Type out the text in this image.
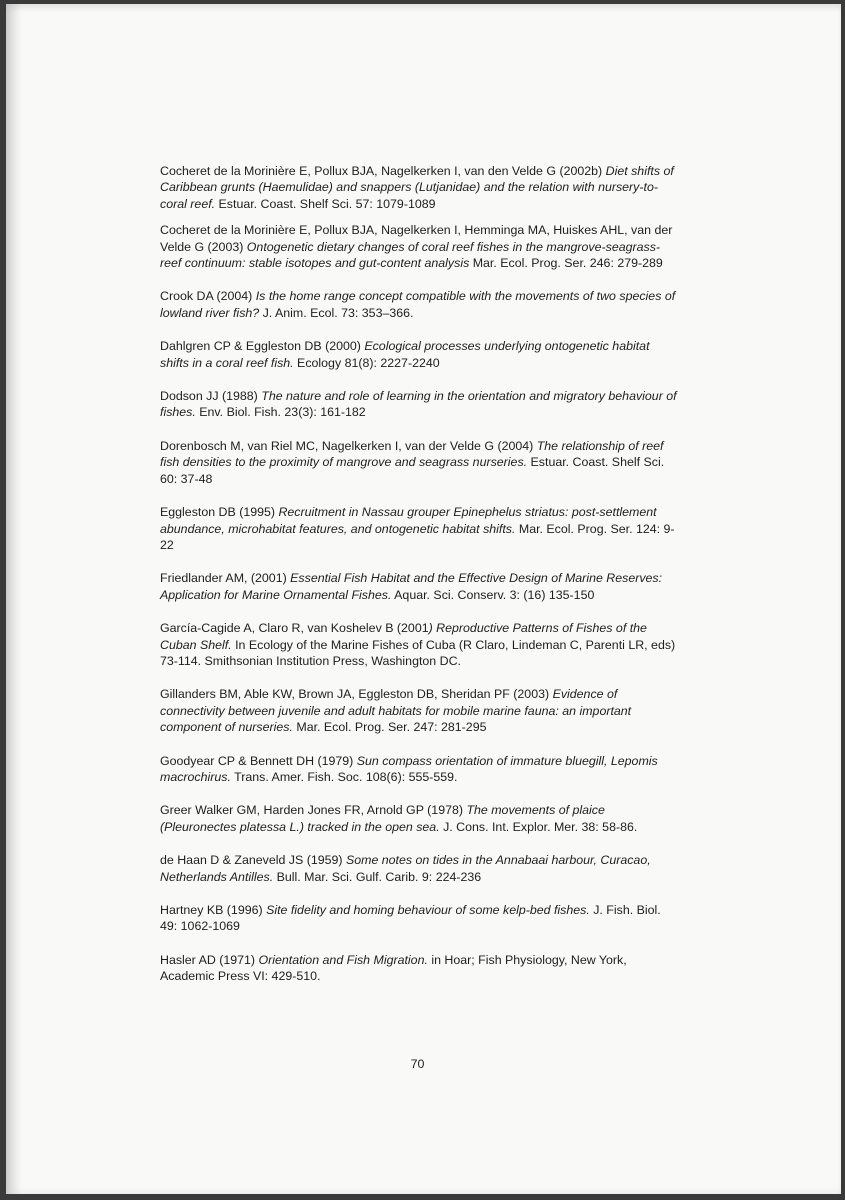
Cocheret de la Morinière E, Pollux BJA, Nagelkerken I, van den Velde G (2002b) Diet shifts of Caribbean grunts (Haemulidae) and snappers (Lutjanidae) and the relation with nursery-to-coral reef. Estuar. Coast. Shelf Sci. 57: 1079-1089

Cocheret de la Morinière E, Pollux BJA, Nagelkerken I, Hemminga MA, Huiskes AHL, van der Velde G (2003) Ontogenetic dietary changes of coral reef fishes in the mangrove-seagrass-reef continuum: stable isotopes and gut-content analysis Mar. Ecol. Prog. Ser. 246: 279-289

Crook DA (2004) Is the home range concept compatible with the movements of two species of lowland river fish? J. Anim. Ecol. 73: 353–366.

Dahlgren CP & Eggleston DB (2000) Ecological processes underlying ontogenetic habitat shifts in a coral reef fish. Ecology 81(8): 2227-2240

Dodson JJ (1988) The nature and role of learning in the orientation and migratory behaviour of fishes. Env. Biol. Fish. 23(3): 161-182

Dorenbosch M, van Riel MC, Nagelkerken I, van der Velde G (2004) The relationship of reef fish densities to the proximity of mangrove and seagrass nurseries. Estuar. Coast. Shelf Sci. 60: 37-48

Eggleston DB (1995) Recruitment in Nassau grouper Epinephelus striatus: post-settlement abundance, microhabitat features, and ontogenetic habitat shifts. Mar. Ecol. Prog. Ser. 124: 9-22

Friedlander AM, (2001) Essential Fish Habitat and the Effective Design of Marine Reserves: Application for Marine Ornamental Fishes. Aquar. Sci. Conserv. 3: (16) 135-150

García-Cagide A, Claro R, van Koshelev B (2001) Reproductive Patterns of Fishes of the Cuban Shelf. In Ecology of the Marine Fishes of Cuba (R Claro, Lindeman C, Parenti LR, eds) 73-114. Smithsonian Institution Press, Washington DC.

Gillanders BM, Able KW, Brown JA, Eggleston DB, Sheridan PF (2003) Evidence of connectivity between juvenile and adult habitats for mobile marine fauna: an important component of nurseries. Mar. Ecol. Prog. Ser. 247: 281-295

Goodyear CP & Bennett DH (1979) Sun compass orientation of immature bluegill, Lepomis macrochirus. Trans. Amer. Fish. Soc. 108(6): 555-559.

Greer Walker GM, Harden Jones FR, Arnold GP (1978) The movements of plaice (Pleuronectes platessa L.) tracked in the open sea. J. Cons. Int. Explor. Mer. 38: 58-86.

de Haan D & Zaneveld JS (1959) Some notes on tides in the Annabaai harbour, Curacao, Netherlands Antilles. Bull. Mar. Sci. Gulf. Carib. 9: 224-236

Hartney KB (1996) Site fidelity and homing behaviour of some kelp-bed fishes. J. Fish. Biol. 49: 1062-1069

Hasler AD (1971) Orientation and Fish Migration. in Hoar; Fish Physiology, New York, Academic Press VI: 429-510.

70
